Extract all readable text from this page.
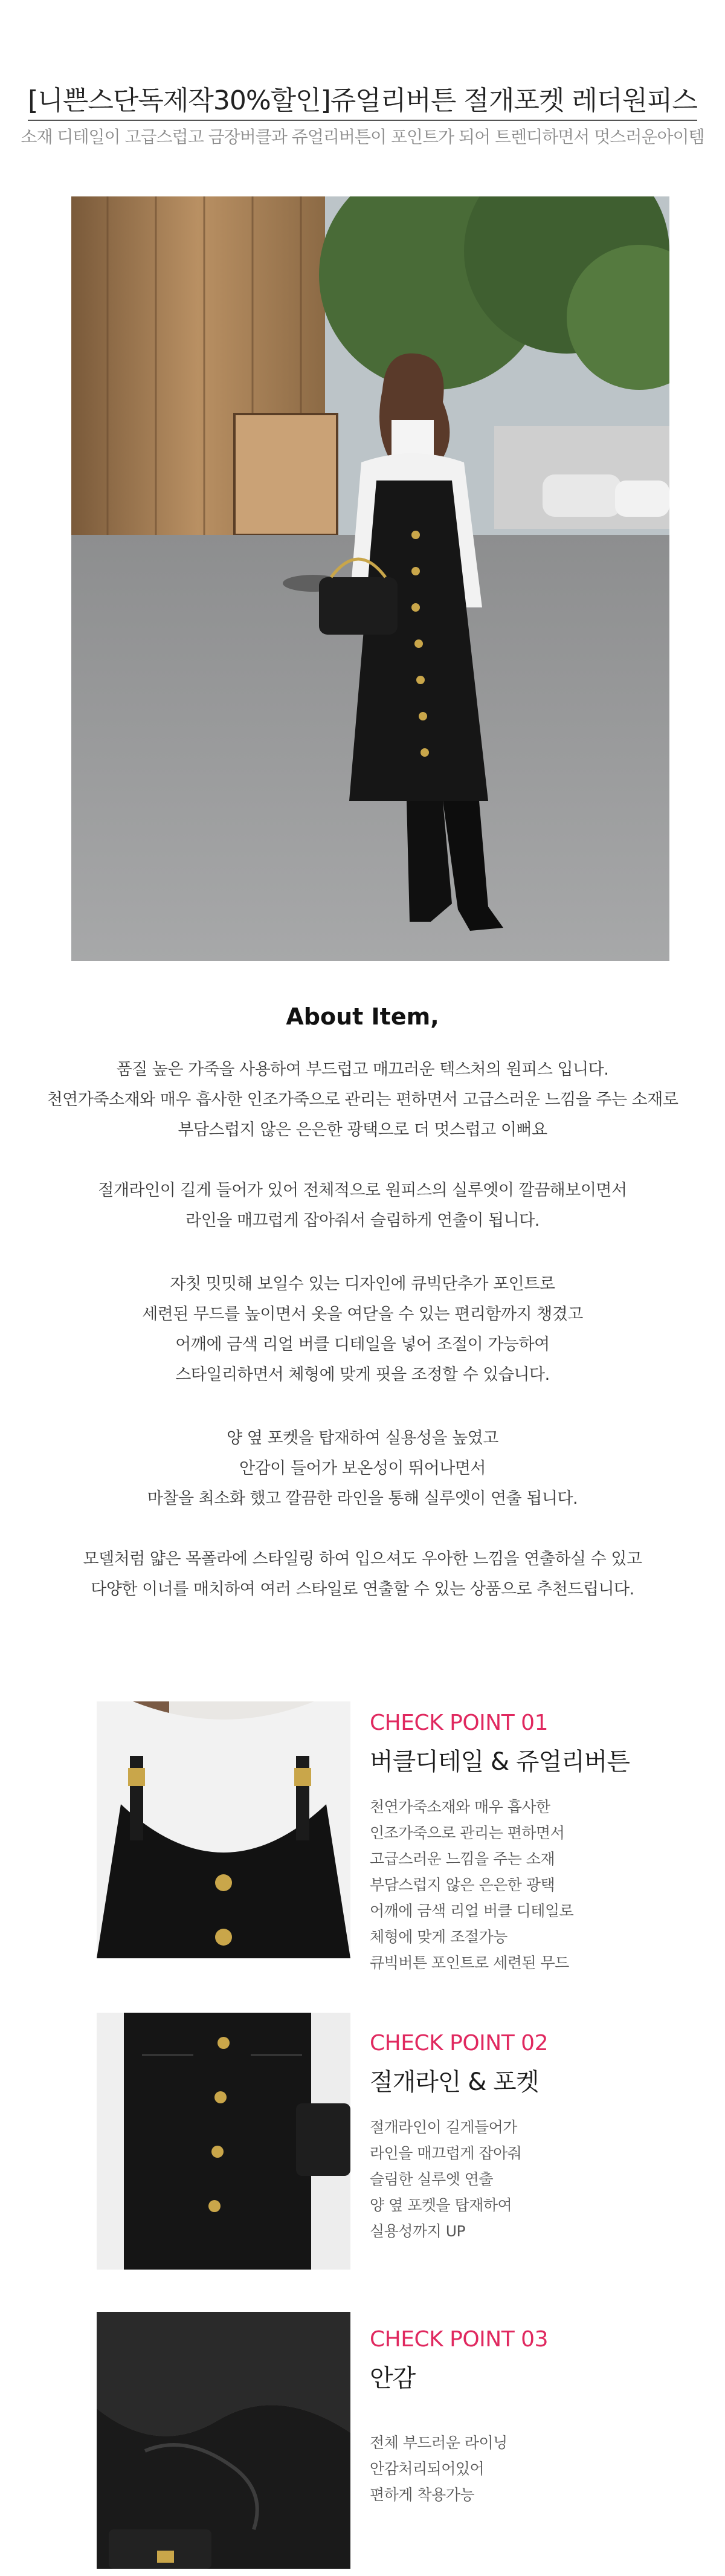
[니쁜스단독제작30%할인]쥬얼리버튼 절개포켓 레더원피스
소재 디테일이 고급스럽고 금장버클과 쥬얼리버튼이 포인트가 되어 트렌디하면서 멋스러운아이템
About Item,
품질 높은 가죽을 사용하여 부드럽고 매끄러운 텍스처의 원피스 입니다.
천연가죽소재와 매우 흡사한 인조가죽으로 관리는 편하면서 고급스러운 느낌을 주는 소재로
부담스럽지 않은 은은한 광택으로 더 멋스럽고 이뻐요
절개라인이 길게 들어가 있어 전체적으로 원피스의 실루엣이 깔끔해보이면서
라인을 매끄럽게 잡아줘서 슬림하게 연출이 됩니다.
자칫 밋밋해 보일수 있는 디자인에 큐빅단추가 포인트로
세련된 무드를 높이면서 옷을 여닫을 수 있는 편리함까지 챙겼고
어깨에 금색 리얼 버클 디테일을 넣어 조절이 가능하여
스타일리하면서 체형에 맞게 핏을 조정할 수 있습니다.
양 옆 포켓을 탑재하여 실용성을 높였고
안감이 들어가 보온성이 뛰어나면서
마찰을 최소화 했고 깔끔한 라인을 통해 실루엣이 연출 됩니다.
모델처럼 얇은 목폴라에 스타일링 하여 입으셔도 우아한 느낌을 연출하실 수 있고
다양한 이너를 매치하여 여러 스타일로 연출할 수 있는 상품으로 추천드립니다.
CHECK POINT 01
버클디테일 & 쥬얼리버튼
천연가죽소재와 매우 흡사한
인조가죽으로 관리는 편하면서
고급스러운 느낌을 주는 소재
부담스럽지 않은 은은한 광택
어깨에 금색 리얼 버클 디테일로
체형에 맞게 조절가능
큐빅버튼 포인트로 세련된 무드
CHECK POINT 02
절개라인 & 포켓
절개라인이 길게들어가
라인을 매끄럽게 잡아줘
슬림한 실루엣 연출
양 옆 포켓을 탑재하여
실용성까지 UP
CHECK POINT 03
안감
전체 부드러운 라이닝
안감처리되어있어
편하게 착용가능
